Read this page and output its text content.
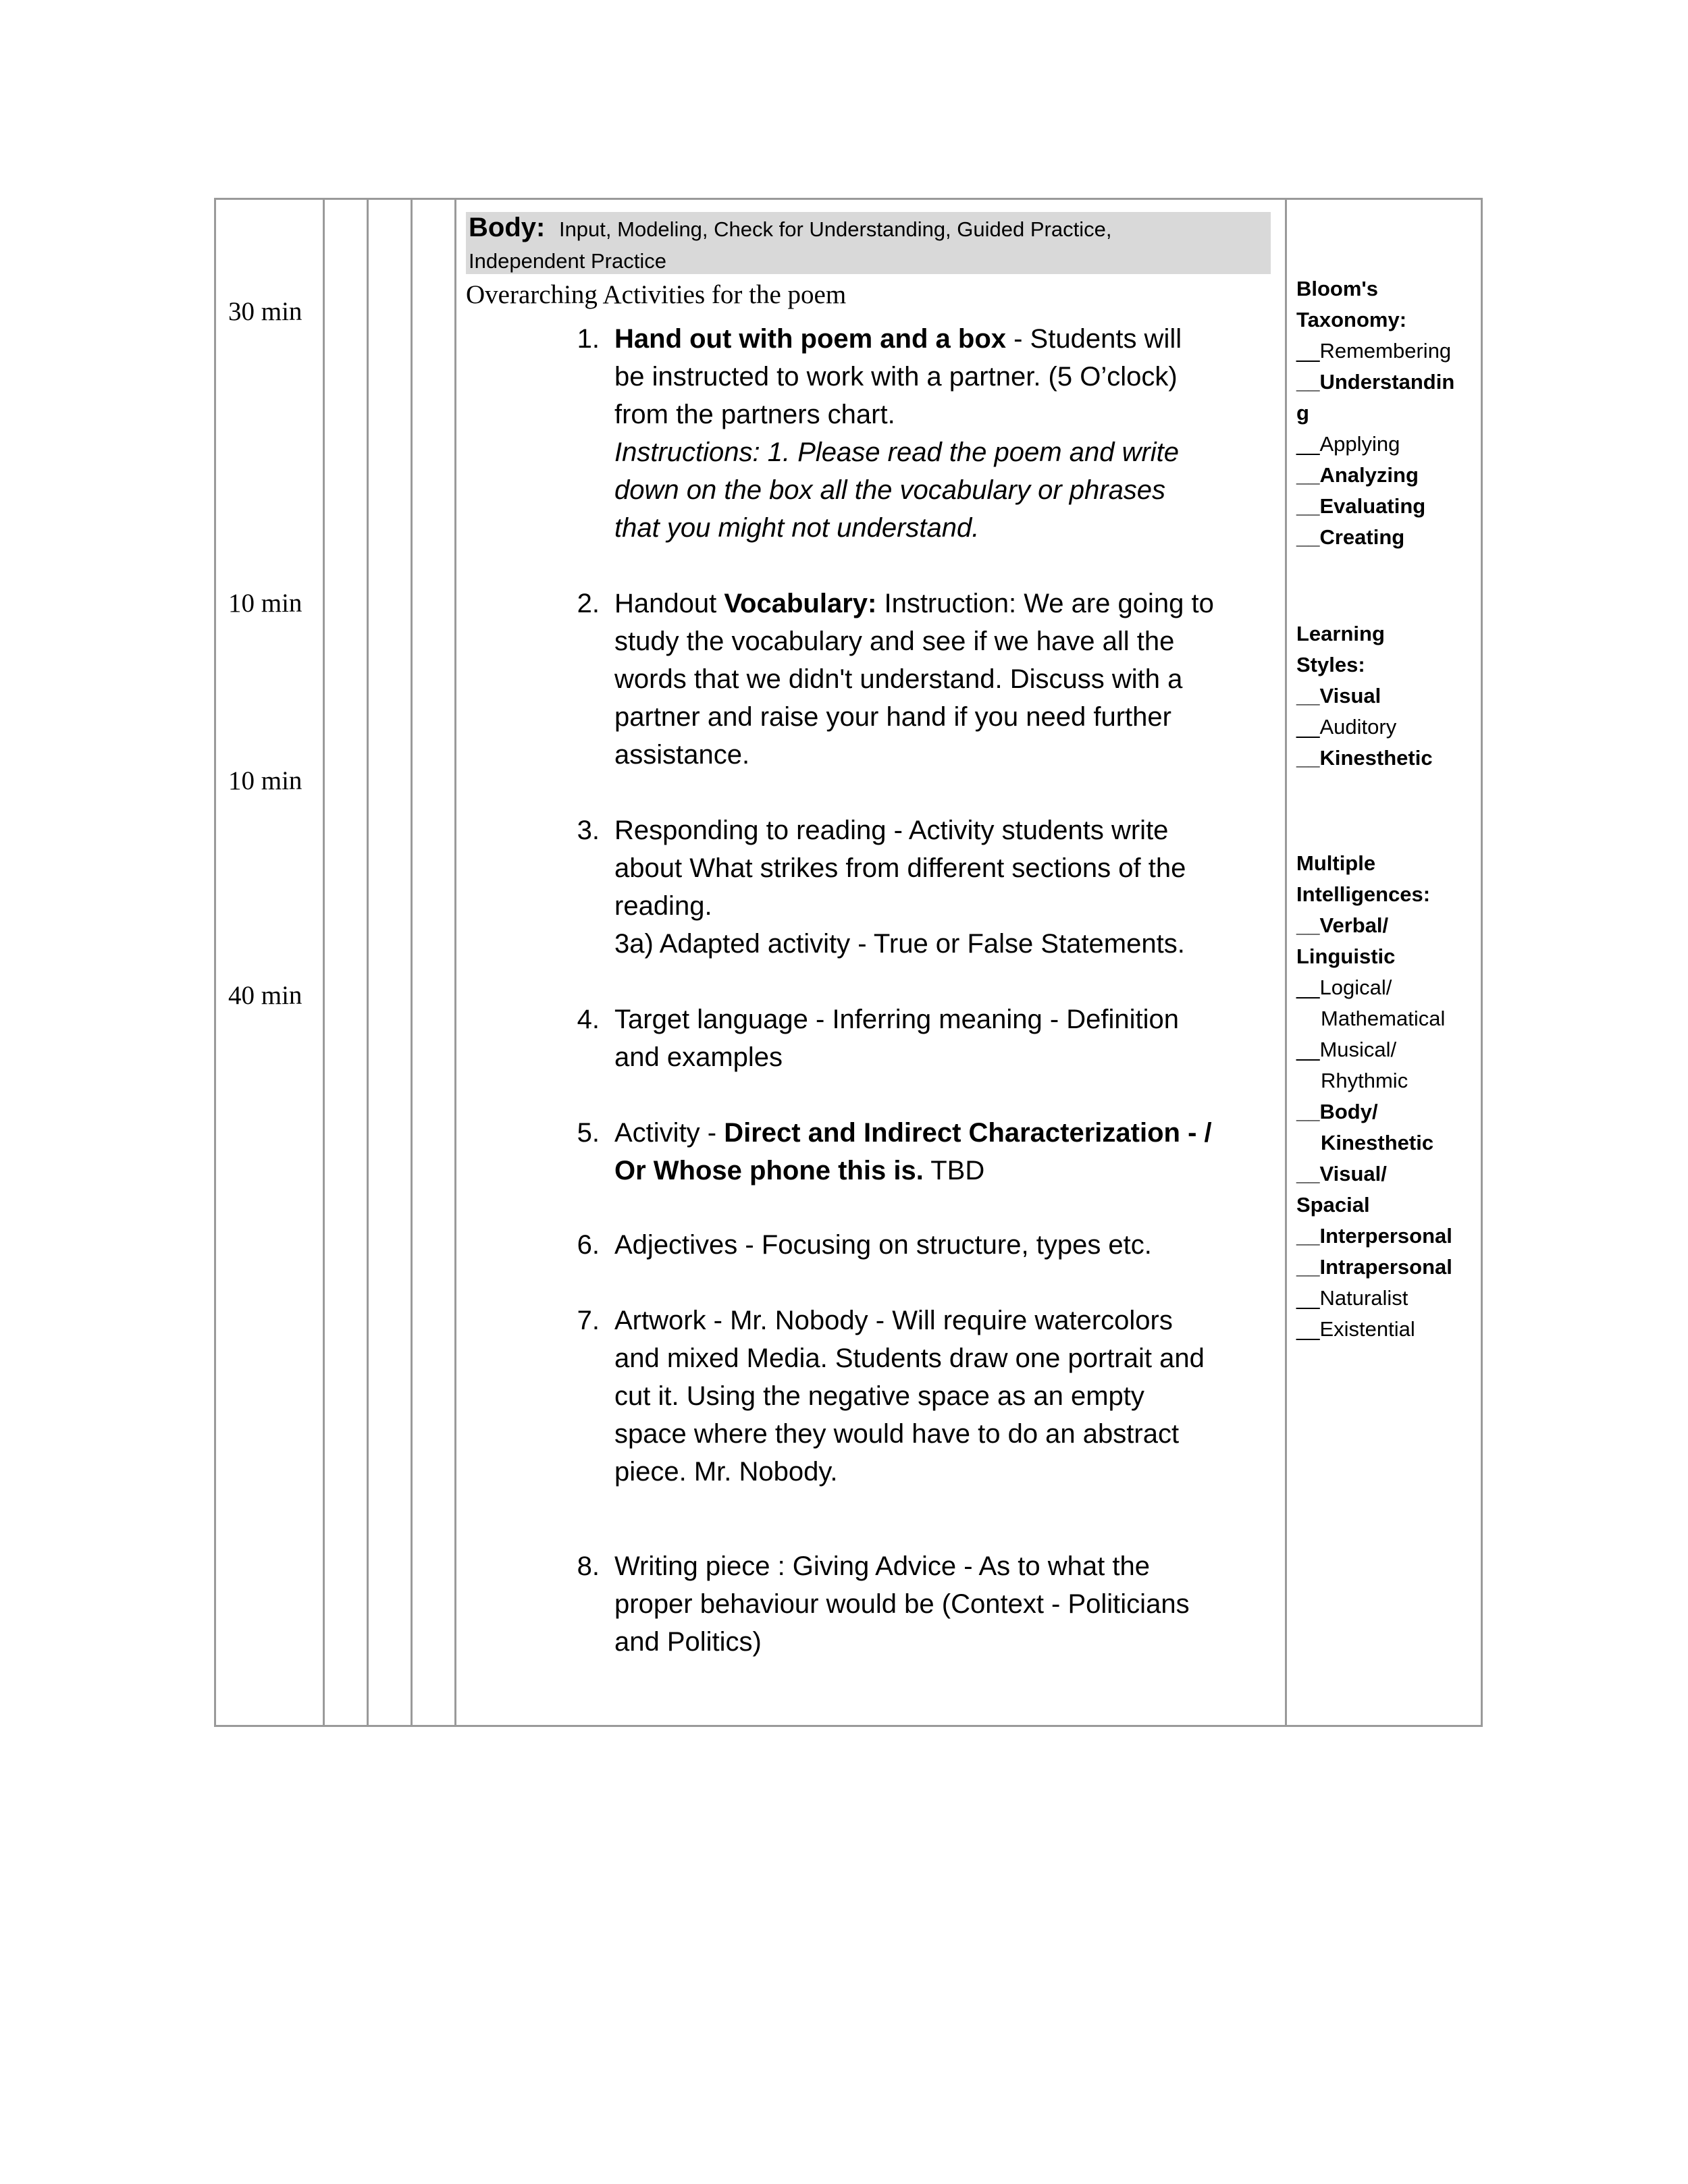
30 min
10 min
10 min
40 min
Body: Input, Modeling, Check for Understanding, Guided Practice,
Independent Practice
Overarching Activities for the poem
1. Hand out with poem and a box - Students will be instructed to work with a partner. (5 O’clock) from the partners chart.
Instructions: 1. Please read the poem and write down on the box all the vocabulary or phrases that you might not understand.
2. Handout Vocabulary: Instruction: We are going to study the vocabulary and see if we have all the words that we didn't understand. Discuss with a partner and raise your hand if you need further assistance.
3. Responding to reading - Activity students write about What strikes from different sections of the reading.
3a) Adapted activity - True or False Statements.
4. Target language - Inferring meaning - Definition and examples
5. Activity - Direct and Indirect Characterization - / Or Whose phone this is. TBD
6. Adjectives - Focusing on structure, types etc.
7. Artwork - Mr. Nobody - Will require watercolors and mixed Media. Students draw one portrait and cut it. Using the negative space as an empty space where they would have to do an abstract piece. Mr. Nobody.
8. Writing piece : Giving Advice - As to what the proper behaviour would be (Context - Politicians and Politics)
Bloom's
Taxonomy:
__Remembering
__Understandin
g
__Applying
__Analyzing
__Evaluating
__Creating
Learning
Styles:
__Visual
__Auditory
__Kinesthetic
Multiple
Intelligences:
__Verbal/
Linguistic
__Logical/
Mathematical
__Musical/
Rhythmic
__Body/
Kinesthetic
__Visual/
Spacial
__Interpersonal
__Intrapersonal
__Naturalist
__Existential
